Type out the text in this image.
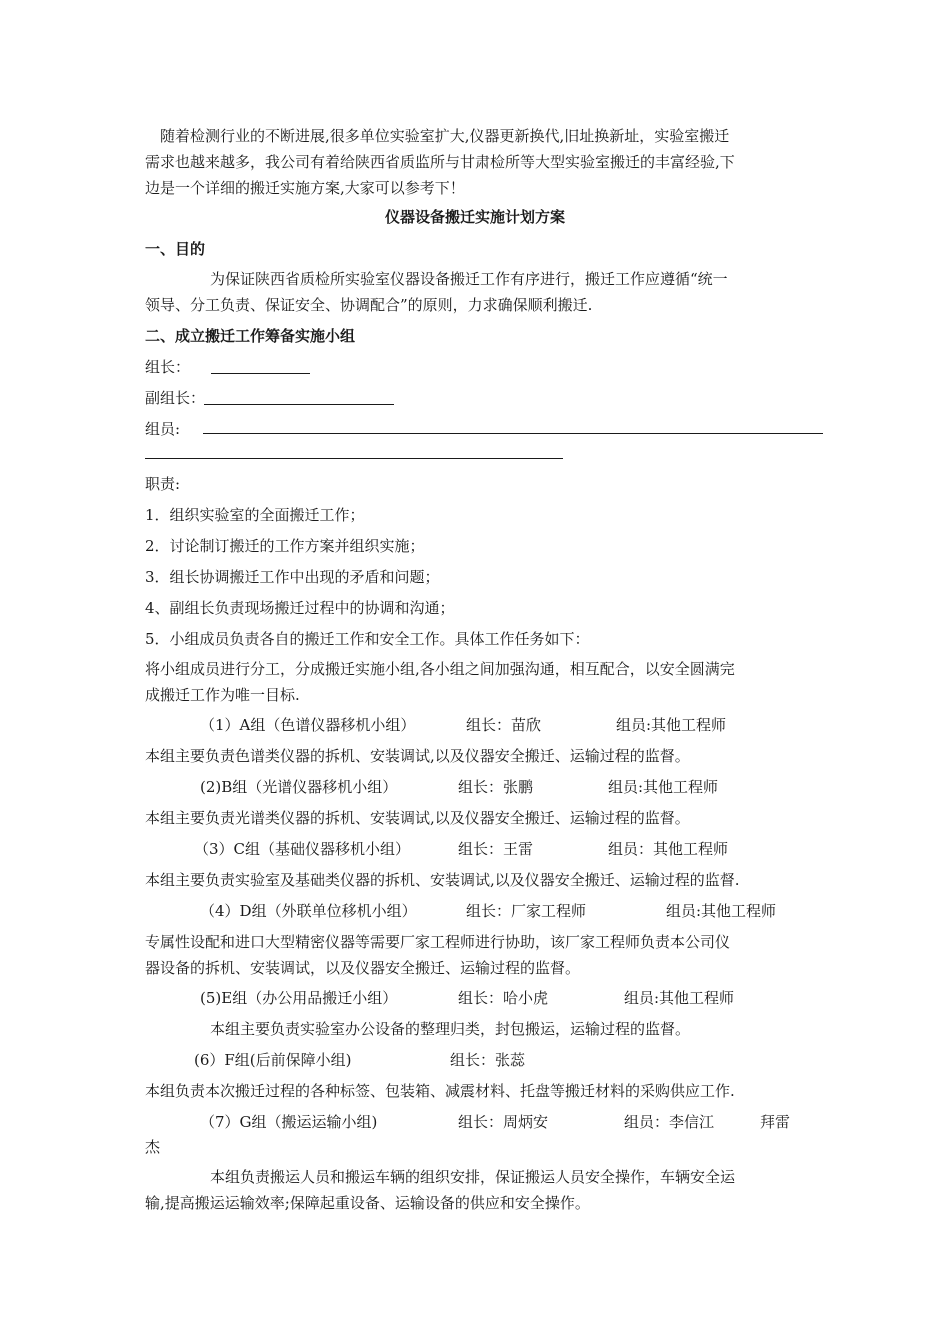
随着检测行业的不断进展,很多单位实验室扩大,仪器更新换代,旧址换新址，实验室搬迁
需求也越来越多，我公司有着给陕西省质监所与甘肃检所等大型实验室搬迁的丰富经验,下
边是一个详细的搬迁实施方案,大家可以参考下！
仪器设备搬迁实施计划方案
一、目的
为保证陕西省质检所实验室仪器设备搬迁工作有序进行，搬迁工作应遵循“统一
领导、分工负责、保证安全、协调配合”的原则，力求确保顺利搬迁.
二、成立搬迁工作筹备实施小组
组长：
副组长：
组员:
职责:
1．组织实验室的全面搬迁工作；
2．讨论制订搬迁的工作方案并组织实施；
3．组长协调搬迁工作中出现的矛盾和问题；
4、副组长负责现场搬迁过程中的协调和沟通；
5．小组成员负责各自的搬迁工作和安全工作。具体工作任务如下：
将小组成员进行分工，分成搬迁实施小组,各小组之间加强沟通，相互配合，以安全圆满完
成搬迁工作为唯一目标.
（1）A组（色谱仪器移机小组）	组长：苗欣	组员:其他工程师
本组主要负责色谱类仪器的拆机、安装调试,以及仪器安全搬迁、运输过程的监督。
(2)B组（光谱仪器移机小组）	组长：张鹏	组员:其他工程师
本组主要负责光谱类仪器的拆机、安装调试,以及仪器安全搬迁、运输过程的监督。
（3）C组（基础仪器移机小组）	组长：王雷	组员：其他工程师
本组主要负责实验室及基础类仪器的拆机、安装调试,以及仪器安全搬迁、运输过程的监督.
（4）D组（外联单位移机小组）	组长：厂家工程师	组员:其他工程师
专属性设配和进口大型精密仪器等需要厂家工程师进行协助，该厂家工程师负责本公司仪
器设备的拆机、安装调试，以及仪器安全搬迁、运输过程的监督。
(5)E组（办公用品搬迁小组）	组长：哈小虎	组员:其他工程师
本组主要负责实验室办公设备的整理归类，封包搬运，运输过程的监督。
(6）F组(后前保障小组)	组长：张蕊
本组负责本次搬迁过程的各种标签、包装箱、减震材料、托盘等搬迁材料的采购供应工作.
（7）G组（搬运运输小组)	组长：周炳安	组员：李信江	拜雷
杰
本组负责搬运人员和搬运车辆的组织安排，保证搬运人员安全操作，车辆安全运
输,提高搬运运输效率;保障起重设备、运输设备的供应和安全操作。
